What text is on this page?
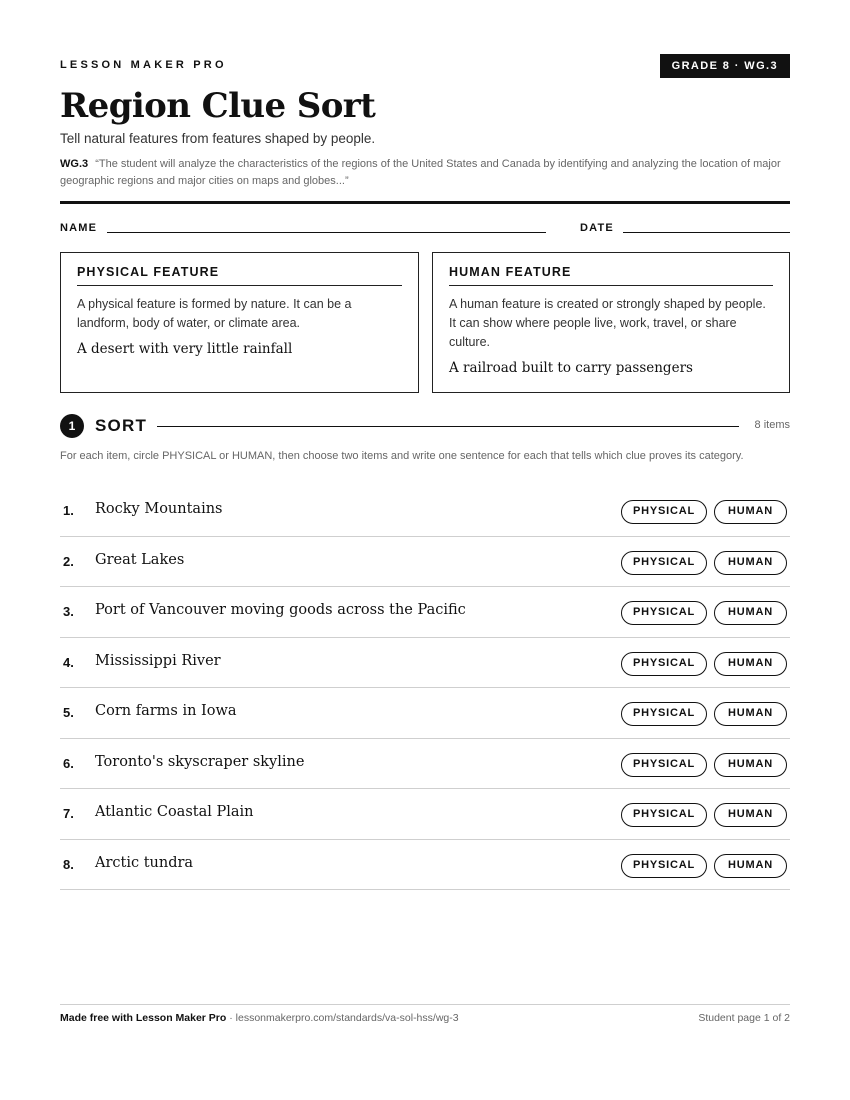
LESSON MAKER PRO	GRADE 8 · WG.3
Region Clue Sort
Tell natural features from features shaped by people.
WG.3 “The student will analyze the characteristics of the regions of the United States and Canada by identifying and analyzing the location of major geographic regions and major cities on maps and globes...”
NAME	DATE
PHYSICAL FEATURE
A physical feature is formed by nature. It can be a landform, body of water, or climate area.
A desert with very little rainfall
HUMAN FEATURE
A human feature is created or strongly shaped by people. It can show where people live, work, travel, or share culture.
A railroad built to carry passengers
1	SORT	8 items
For each item, circle PHYSICAL or HUMAN, then choose two items and write one sentence for each that tells which clue proves its category.
1. Rocky Mountains	PHYSICAL	HUMAN
2. Great Lakes	PHYSICAL	HUMAN
3. Port of Vancouver moving goods across the Pacific	PHYSICAL	HUMAN
4. Mississippi River	PHYSICAL	HUMAN
5. Corn farms in Iowa	PHYSICAL	HUMAN
6. Toronto's skyscraper skyline	PHYSICAL	HUMAN
7. Atlantic Coastal Plain	PHYSICAL	HUMAN
8. Arctic tundra	PHYSICAL	HUMAN
Made free with Lesson Maker Pro · lessonmakerpro.com/standards/va-sol-hss/wg-3	Student page 1 of 2
